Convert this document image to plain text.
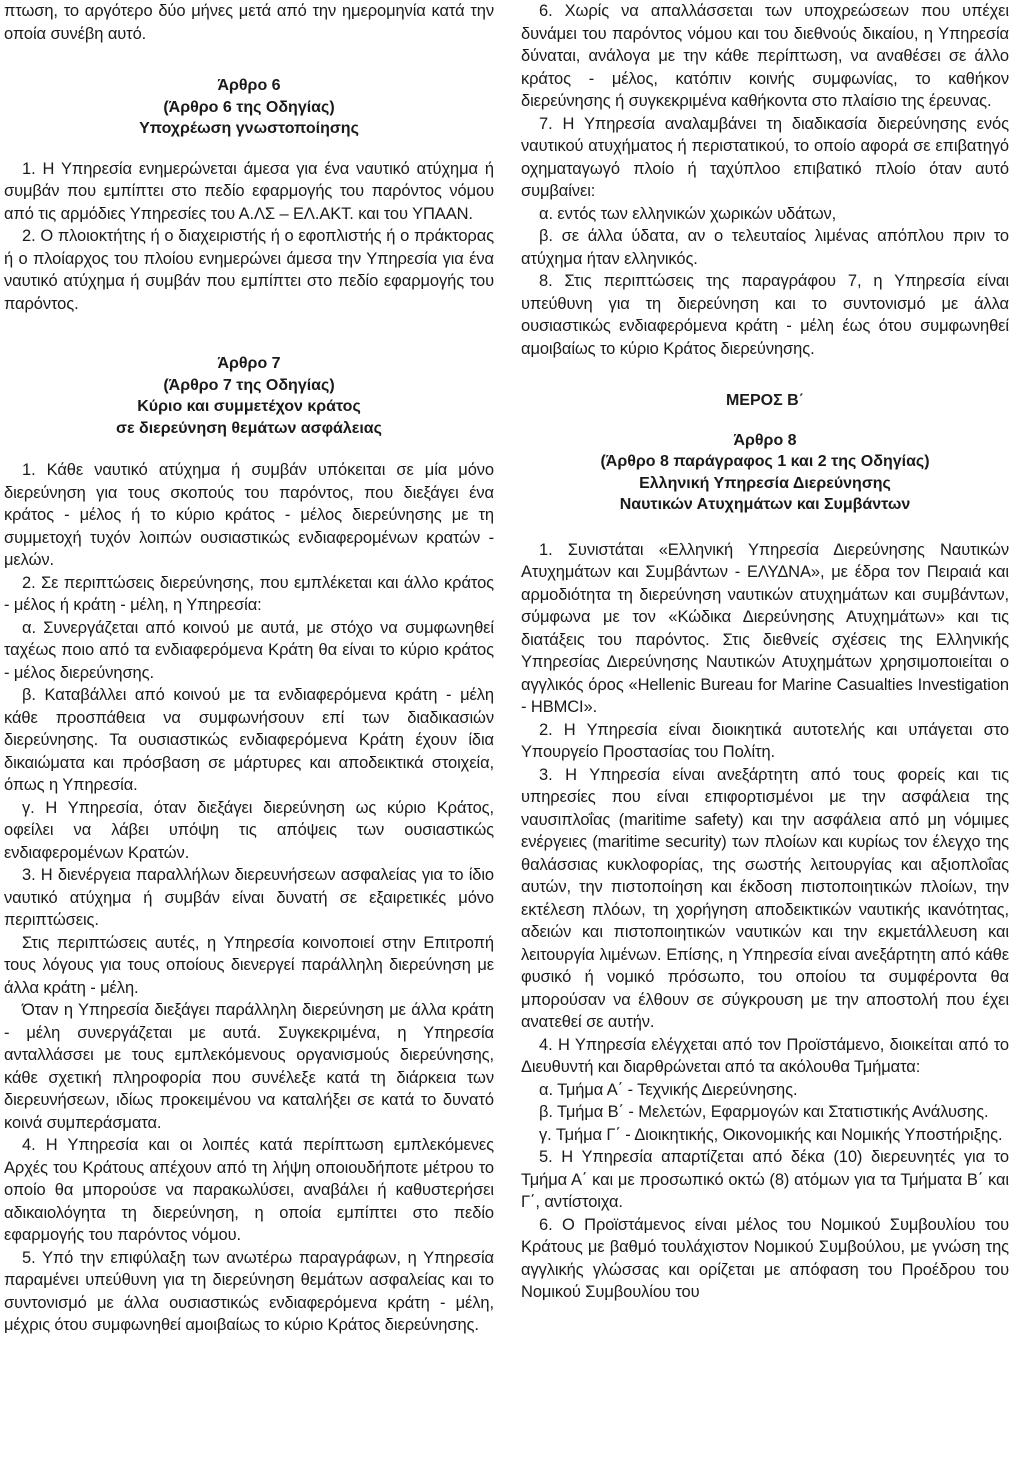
πτωση, το αργότερο δύο μήνες μετά από την ημερομηνία κατά την οποία συνέβη αυτό.

Άρθρο 6
(Άρθρο 6 της Οδηγίας)
Υποχρέωση γνωστοποίησης

1. Η Υπηρεσία ενημερώνεται άμεσα για ένα ναυτικό ατύχημα ή συμβάν που εμπίπτει στο πεδίο εφαρμογής του παρόντος νόμου από τις αρμόδιες Υπηρεσίες του Α.ΛΣ – ΕΛ.ΑΚΤ. και του ΥΠΑΑΝ.

2. Ο πλοιοκτήτης ή ο διαχειριστής ή ο εφοπλιστής ή ο πράκτορας ή ο πλοίαρχος του πλοίου ενημερώνει άμεσα την Υπηρεσία για ένα ναυτικό ατύχημα ή συμβάν που εμπίπτει στο πεδίο εφαρμογής του παρόντος.

Άρθρο 7
(Άρθρο 7 της Οδηγίας)
Κύριο και συμμετέχον κράτος
σε διερεύνηση θεμάτων ασφάλειας

1. Κάθε ναυτικό ατύχημα ή συμβάν υπόκειται σε μία μόνο διερεύνηση για τους σκοπούς του παρόντος, που διεξάγει ένα κράτος - μέλος ή το κύριο κράτος - μέλος διερεύνησης με τη συμμετοχή τυχόν λοιπών ουσιαστικώς ενδιαφερομένων κρατών - μελών.

2. Σε περιπτώσεις διερεύνησης, που εμπλέκεται και άλλο κράτος - μέλος ή κράτη - μέλη, η Υπηρεσία:

α. Συνεργάζεται από κοινού με αυτά, με στόχο να συμφωνηθεί ταχέως ποιο από τα ενδιαφερόμενα Κράτη θα είναι το κύριο κράτος - μέλος διερεύνησης.

β. Καταβάλλει από κοινού με τα ενδιαφερόμενα κράτη - μέλη κάθε προσπάθεια να συμφωνήσουν επί των διαδικασιών διερεύνησης. Τα ουσιαστικώς ενδιαφερόμενα Κράτη έχουν ίδια δικαιώματα και πρόσβαση σε μάρτυρες και αποδεικτικά στοιχεία, όπως η Υπηρεσία.

γ. Η Υπηρεσία, όταν διεξάγει διερεύνηση ως κύριο Κράτος, οφείλει να λάβει υπόψη τις απόψεις των ουσιαστικώς ενδιαφερομένων Κρατών.

3. Η διενέργεια παραλλήλων διερευνήσεων ασφαλείας για το ίδιο ναυτικό ατύχημα ή συμβάν είναι δυνατή σε εξαιρετικές μόνο περιπτώσεις.

Στις περιπτώσεις αυτές, η Υπηρεσία κοινοποιεί στην Επιτροπή τους λόγους για τους οποίους διενεργεί παράλληλη διερεύνηση με άλλα κράτη - μέλη.

Όταν η Υπηρεσία διεξάγει παράλληλη διερεύνηση με άλλα κράτη - μέλη συνεργάζεται με αυτά. Συγκεκριμένα, η Υπηρεσία ανταλλάσσει με τους εμπλεκόμενους οργανισμούς διερεύνησης, κάθε σχετική πληροφορία που συνέλεξε κατά τη διάρκεια των διερευνήσεων, ιδίως προκειμένου να καταλήξει σε κατά το δυνατό κοινά συμπεράσματα.

4. Η Υπηρεσία και οι λοιπές κατά περίπτωση εμπλεκόμενες Αρχές του Κράτους απέχουν από τη λήψη οποιουδήποτε μέτρου το οποίο θα μπορούσε να παρακωλύσει, αναβάλει ή καθυστερήσει αδικαιολόγητα τη διερεύνηση, η οποία εμπίπτει στο πεδίο εφαρμογής του παρόντος νόμου.

5. Υπό την επιφύλαξη των ανωτέρω παραγράφων, η Υπηρεσία παραμένει υπεύθυνη για τη διερεύνηση θεμάτων ασφαλείας και το συντονισμό με άλλα ουσιαστικώς ενδιαφερόμενα κράτη - μέλη, μέχρις ότου συμφωνηθεί αμοιβαίως το κύριο Κράτος διερεύνησης.

6. Χωρίς να απαλλάσσεται των υποχρεώσεων που υπέχει δυνάμει του παρόντος νόμου και του διεθνούς δικαίου, η Υπηρεσία δύναται, ανάλογα με την κάθε περίπτωση, να αναθέσει σε άλλο κράτος - μέλος, κατόπιν κοινής συμφωνίας, το καθήκον διερεύνησης ή συγκεκριμένα καθήκοντα στο πλαίσιο της έρευνας.

7. Η Υπηρεσία αναλαμβάνει τη διαδικασία διερεύνησης ενός ναυτικού ατυχήματος ή περιστατικού, το οποίο αφορά σε επιβατηγό οχηματαγωγό πλοίο ή ταχύπλοο επιβατικό πλοίο όταν αυτό συμβαίνει:

α. εντός των ελληνικών χωρικών υδάτων,

β. σε άλλα ύδατα, αν ο τελευταίος λιμένας απόπλου πριν το ατύχημα ήταν ελληνικός.

8. Στις περιπτώσεις της παραγράφου 7, η Υπηρεσία είναι υπεύθυνη για τη διερεύνηση και το συντονισμό με άλλα ουσιαστικώς ενδιαφερόμενα κράτη - μέλη έως ότου συμφωνηθεί αμοιβαίως το κύριο Κράτος διερεύνησης.

ΜΕΡΟΣ Β΄
Άρθρο 8
(Άρθρο 8 παράγραφος 1 και 2 της Οδηγίας)
Ελληνική Υπηρεσία Διερεύνησης
Ναυτικών Ατυχημάτων και Συμβάντων

1. Συνιστάται «Ελληνική Υπηρεσία Διερεύνησης Ναυτικών Ατυχημάτων και Συμβάντων - ΕΛΥΔΝΑ», με έδρα τον Πειραιά και αρμοδιότητα τη διερεύνηση ναυτικών ατυχημάτων και συμβάντων, σύμφωνα με τον «Κώδικα Διερεύνησης Ατυχημάτων» και τις διατάξεις του παρόντος. Στις διεθνείς σχέσεις της Ελληνικής Υπηρεσίας Διερεύνησης Ναυτικών Ατυχημάτων χρησιμοποιείται ο αγγλικός όρος «Hellenic Bureau for Marine Casualties Investigation - HBMCI».

2. Η Υπηρεσία είναι διοικητικά αυτοτελής και υπάγεται στο Υπουργείο Προστασίας του Πολίτη.

3. Η Υπηρεσία είναι ανεξάρτητη από τους φορείς και τις υπηρεσίες που είναι επιφορτισμένοι με την ασφάλεια της ναυσιπλοΐας (maritime safety) και την ασφάλεια από μη νόμιμες ενέργειες (maritime security) των πλοίων και κυρίως τον έλεγχο της θαλάσσιας κυκλοφορίας, της σωστής λειτουργίας και αξιοπλοΐας αυτών, την πιστοποίηση και έκδοση πιστοποιητικών πλοίων, την εκτέλεση πλόων, τη χορήγηση αποδεικτικών ναυτικής ικανότητας, αδειών και πιστοποιητικών ναυτικών και την εκμετάλλευση και λειτουργία λιμένων. Επίσης, η Υπηρεσία είναι ανεξάρτητη από κάθε φυσικό ή νομικό πρόσωπο, του οποίου τα συμφέροντα θα μπορούσαν να έλθουν σε σύγκρουση με την αποστολή που έχει ανατεθεί σε αυτήν.

4. Η Υπηρεσία ελέγχεται από τον Προϊστάμενο, διοικείται από το Διευθυντή και διαρθρώνεται από τα ακόλουθα Τμήματα:

α. Τμήμα Α΄ - Τεχνικής Διερεύνησης.

β. Τμήμα Β΄ - Μελετών, Εφαρμογών και Στατιστικής Ανάλυσης.

γ. Τμήμα Γ΄ - Διοικητικής, Οικονομικής και Νομικής Υποστήριξης.

5. Η Υπηρεσία απαρτίζεται από δέκα (10) διερευνητές για το Τμήμα Α΄ και με προσωπικό οκτώ (8) ατόμων για τα Τμήματα Β΄ και Γ΄, αντίστοιχα.

6. Ο Προϊστάμενος είναι μέλος του Νομικού Συμβουλίου του Κράτους με βαθμό τουλάχιστον Νομικού Συμβούλου, με γνώση της αγγλικής γλώσσας και ορίζεται με απόφαση του Προέδρου του Νομικού Συμβουλίου του
